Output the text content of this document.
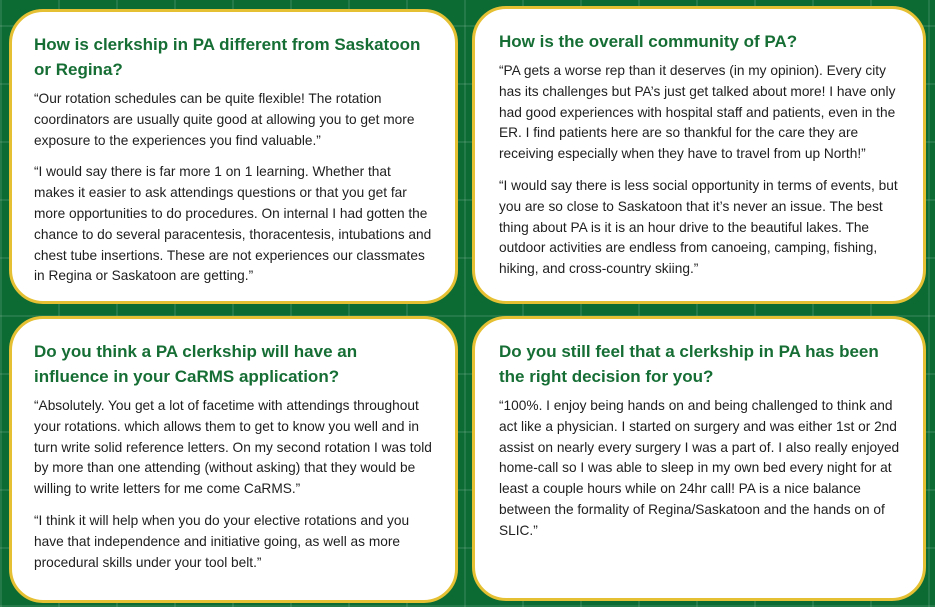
How is clerkship in PA different from Saskatoon or Regina?

“Our rotation schedules can be quite flexible! The rotation coordinators are usually quite good at allowing you to get more exposure to the experiences you find valuable.”

“I would say there is far more 1 on 1 learning. Whether that makes it easier to ask attendings questions or that you get far more opportunities to do procedures. On internal I had gotten the chance to do several paracentesis, thoracentesis, intubations and chest tube insertions. These are not experiences our classmates in Regina or Saskatoon are getting.”

How is the overall community of PA?

“PA gets a worse rep than it deserves (in my opinion). Every city has its challenges but PA’s just get talked about more! I have only had good experiences with hospital staff and patients, even in the ER. I find patients here are so thankful for the care they are receiving especially when they have to travel from up North!”

“I would say there is less social opportunity in terms of events, but you are so close to Saskatoon that it’s never an issue. The best thing about PA is it is an hour drive to the beautiful lakes. The outdoor activities are endless from canoeing, camping, fishing, hiking, and cross-country skiing.”

Do you think a PA clerkship will have an influence in your CaRMS application?

“Absolutely. You get a lot of facetime with attendings throughout your rotations. which allows them to get to know you well and in turn write solid reference letters. On my second rotation I was told by more than one attending (without asking) that they would be willing to write letters for me come CaRMS.”

“I think it will help when you do your elective rotations and you have that independence and initiative going, as well as more procedural skills under your tool belt.”

Do you still feel that a clerkship in PA has been the right decision for you?

“100%. I enjoy being hands on and being challenged to think and act like a physician. I started on surgery and was either 1st or 2nd assist on nearly every surgery I was a part of. I also really enjoyed home-call so I was able to sleep in my own bed every night for at least a couple hours while on 24hr call! PA is a nice balance between the formality of Regina/Saskatoon and the hands on of SLIC.”
